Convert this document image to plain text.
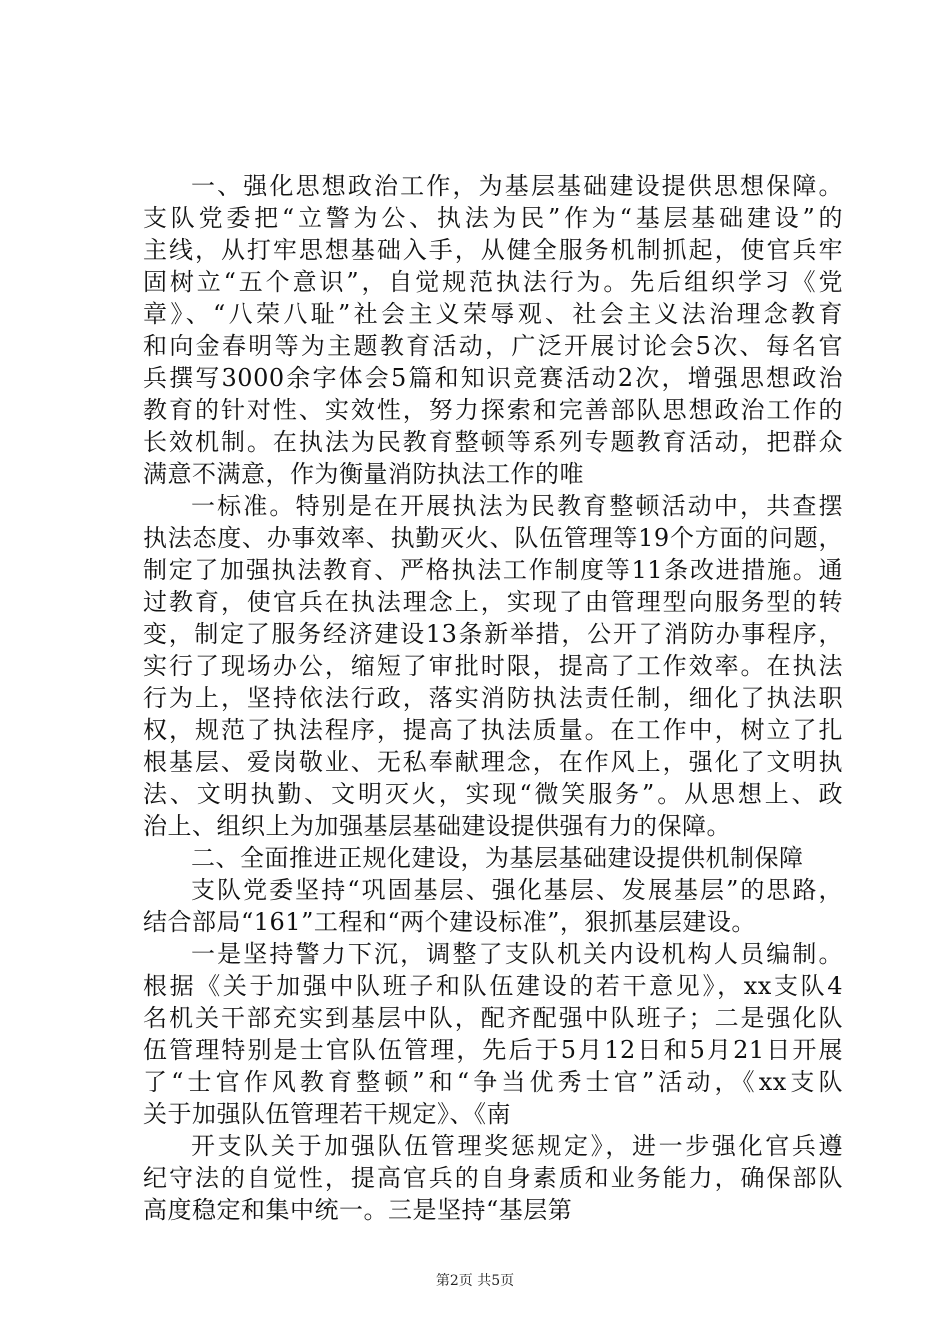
一、强化思想政治工作，为基层基础建设提供思想保障。
支队党委把“立警为公、执法为民”作为“基层基础建设”的
主线，从打牢思想基础入手，从健全服务机制抓起，使官兵牢
固树立“五个意识”，自觉规范执法行为。先后组织学习《党
章》、“八荣八耻”社会主义荣辱观、社会主义法治理念教育
和向金春明等为主题教育活动，广泛开展讨论会5次、每名官
兵撰写3000余字体会5篇和知识竞赛活动2次，增强思想政治
教育的针对性、实效性，努力探索和完善部队思想政治工作的
长效机制。在执法为民教育整顿等系列专题教育活动，把群众
满意不满意，作为衡量消防执法工作的唯
一标准。特别是在开展执法为民教育整顿活动中，共查摆
执法态度、办事效率、执勤灭火、队伍管理等19个方面的问题，
制定了加强执法教育、严格执法工作制度等11条改进措施。通
过教育，使官兵在执法理念上，实现了由管理型向服务型的转
变，制定了服务经济建设13条新举措，公开了消防办事程序，
实行了现场办公，缩短了审批时限，提高了工作效率。在执法
行为上，坚持依法行政，落实消防执法责任制，细化了执法职
权，规范了执法程序，提高了执法质量。在工作中，树立了扎
根基层、爱岗敬业、无私奉献理念，在作风上，强化了文明执
法、文明执勤、文明灭火，实现“微笑服务”。从思想上、政
治上、组织上为加强基层基础建设提供强有力的保障。
二、全面推进正规化建设，为基层基础建设提供机制保障
支队党委坚持“巩固基层、强化基层、发展基层”的思路，
结合部局“161”工程和“两个建设标准”，狠抓基层建设。
一是坚持警力下沉，调整了支队机关内设机构人员编制。
根据《关于加强中队班子和队伍建设的若干意见》，xx支队4
名机关干部充实到基层中队，配齐配强中队班子；二是强化队
伍管理特别是士官队伍管理，先后于5月12日和5月21日开展
了“士官作风教育整顿”和“争当优秀士官”活动，《xx支队
关于加强队伍管理若干规定》、《南
开支队关于加强队伍管理奖惩规定》，进一步强化官兵遵
纪守法的自觉性，提高官兵的自身素质和业务能力，确保部队
高度稳定和集中统一。三是坚持“基层第
第2页 共5页
